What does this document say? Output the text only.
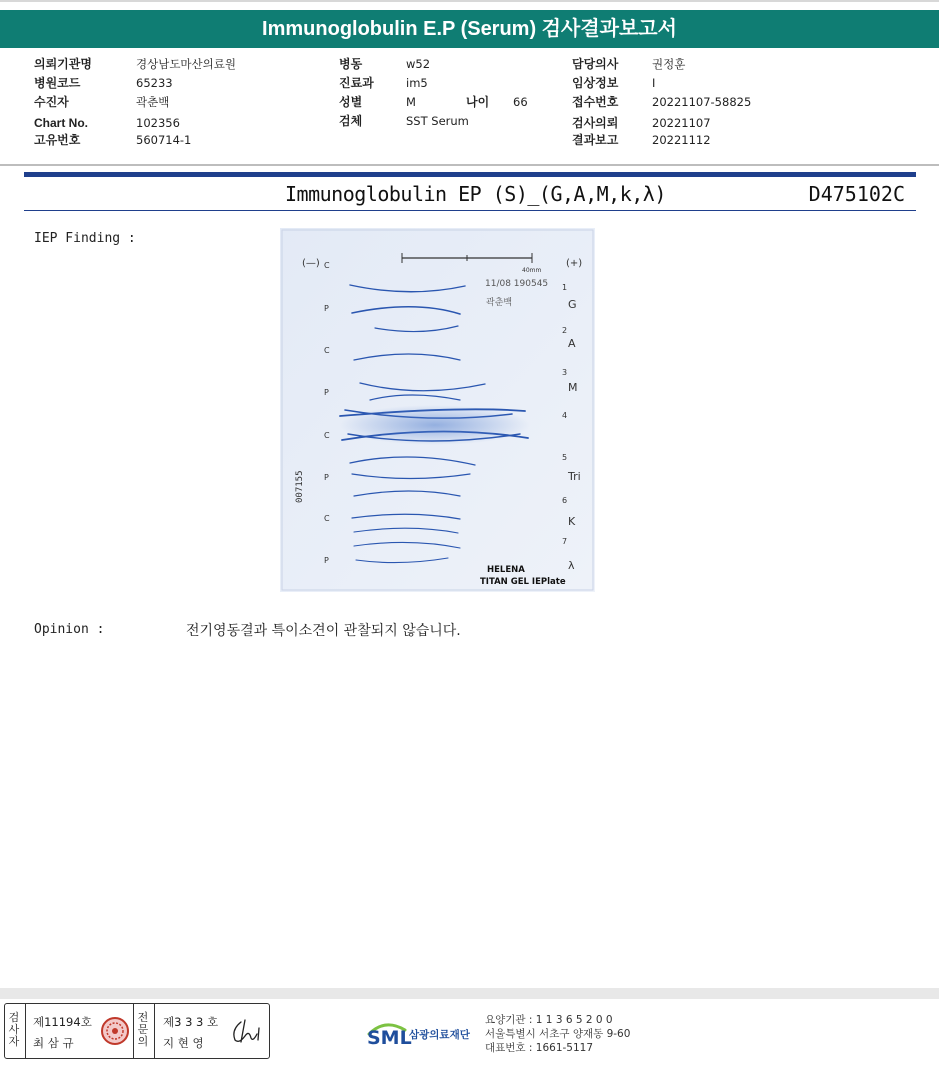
Immunoglobulin E.P (Serum) 검사결과보고서
의뢰기관명	경상남도마산의료원
병원코드	65233
수진자	곽춘백
Chart No.	102356
고유번호	560714-1
병동	w52
진료과	im5
성별	M	나이 66
검체	SST Serum
담당의사	권정훈
임상정보	I
접수번호	20221107-58825
검사의뢰	20221107
결과보고	20221112
Immunoglobulin EP (S)_(G,A,M,k,λ)	D475102C
IEP Finding :
(—)	(+)
40mm
11/08 190545
곽춘백
007155
C
P
C
P
C
P
C
P
1
2
3
4
5
6
7
G
A
M
Tri
K
λ
HELENA
TITAN GEL IEPlate
Opinion :	전기영동결과 특이소견이 관찰되지 않습니다.
검
사
자
제11194호
최 삼 규
전
문
의
제3 3 3 호
지 현 영	SML
삼광의료재단
요양기관 : 1 1 3 6 5 2 0 0
서울특별시 서초구 양재동 9-60
대표번호 : 1661-5117
